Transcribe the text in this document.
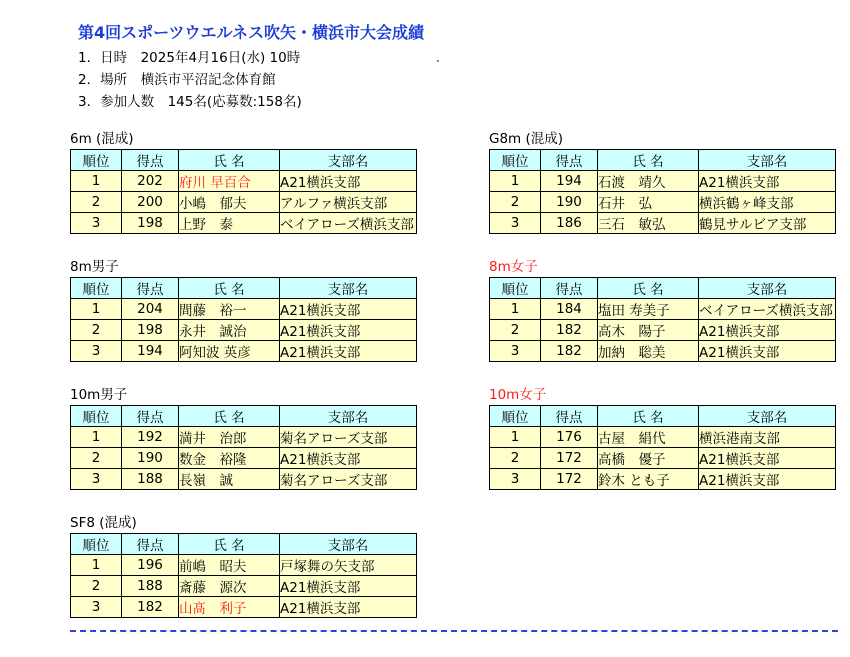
第4回スポーツウエルネス吹矢・横浜市大会成績
1．日時　2025年4月16日(水) 10時
2．場所　横浜市平沼記念体育館
3．参加人数　145名(応募数:158名)
6m (混成)
順位	得点	氏 名	支部名
1	202	府川 早百合	A21横浜支部
2	200	小嶋　郁夫	アルファ横浜支部
3	198	上野　泰	ベイアローズ横浜支部
G8m (混成)
順位	得点	氏 名	支部名
1	194	石渡　靖久	A21横浜支部
2	190	石井　弘	横浜鶴ヶ峰支部
3	186	三石　敏弘	鶴見サルビア支部
8m男子
順位	得点	氏 名	支部名
1	204	間藤　裕一	A21横浜支部
2	198	永井　誠治	A21横浜支部
3	194	阿知波 英彦	A21横浜支部
8m女子
順位	得点	氏 名	支部名
1	184	塩田 寿美子	ベイアローズ横浜支部
2	182	高木　陽子	A21横浜支部
3	182	加納　聡美	A21横浜支部
10m男子
順位	得点	氏 名	支部名
1	192	満井　治郎	菊名アローズ支部
2	190	数金　裕隆	A21横浜支部
3	188	長嶺　誠	菊名アローズ支部
10m女子
順位	得点	氏 名	支部名
1	176	古屋　絹代	横浜港南支部
2	172	高橋　優子	A21横浜支部
3	172	鈴木 とも子	A21横浜支部
SF8 (混成)
順位	得点	氏 名	支部名
1	196	前嶋　昭夫	戸塚舞の矢支部
2	188	斎藤　源次	A21横浜支部
3	182	山髙　利子	A21横浜支部
